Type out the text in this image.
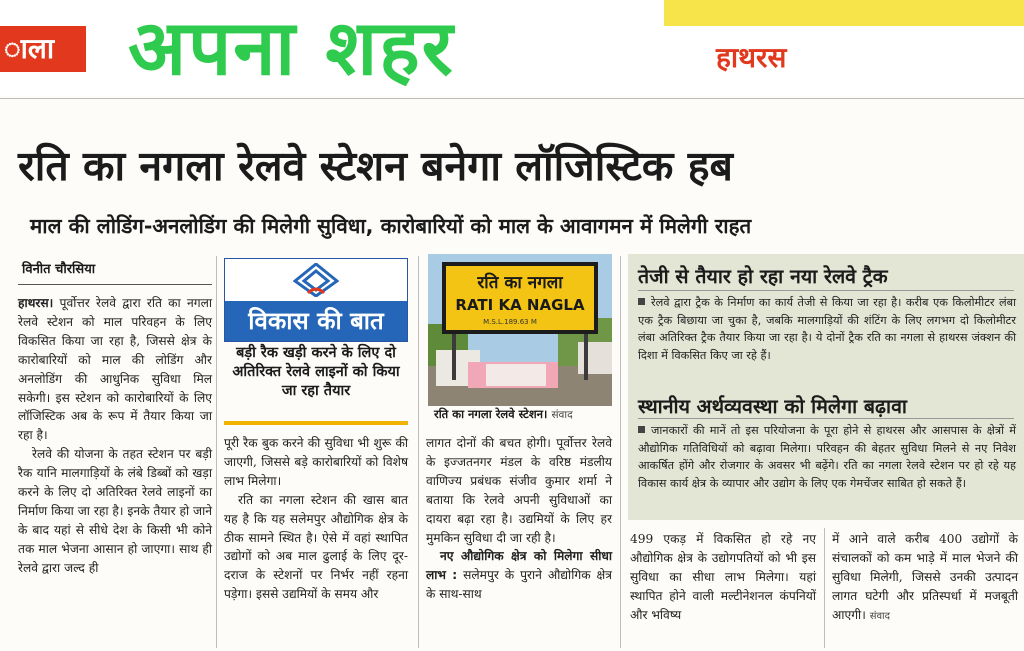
ाला अपना शहर	हाथरस
रति का नगला रेलवे स्टेशन बनेगा लॉजिस्टिक हब
माल की लोडिंग-अनलोडिंग की मिलेगी सुविधा, कारोबारियों को माल के आवागमन में मिलेगी राहत
विनीत चौरसिया

हाथरस। पूर्वोत्तर रेलवे द्वारा रति का नगला रेलवे स्टेशन को माल परिवहन के लिए विकसित किया जा रहा है, जिससे क्षेत्र के कारोबारियों को माल की लोडिंग और अनलोडिंग की आधुनिक सुविधा मिल सकेगी। इस स्टेशन को कारोबारियों के लिए लॉजिस्टिक अब के रूप में तैयार किया जा रहा है।

रेलवे की योजना के तहत स्टेशन पर बड़ी रैक यानि मालगाड़ियों के लंबे डिब्बों को खड़ा करने के लिए दो अतिरिक्त रेलवे लाइनों का निर्माण किया जा रहा है। इनके तैयार हो जाने के बाद यहां से सीधे देश के किसी भी कोने तक माल भेजना आसान हो जाएगा। साथ ही रेलवे द्वारा जल्द ही

विकास की बात
बड़ी रैक खड़ी करने के लिए दो अतिरिक्त रेलवे लाइनों को किया जा रहा तैयार

पूरी रैक बुक करने की सुविधा भी शुरू की जाएगी, जिससे बड़े कारोबारियों को विशेष लाभ मिलेगा।

रति का नगला स्टेशन की खास बात यह है कि यह सलेमपुर औद्योगिक क्षेत्र के ठीक सामने स्थित है। ऐसे में वहां स्थापित उद्योगों को अब माल ढुलाई के लिए दूर-दराज के स्टेशनों पर निर्भर नहीं रहना पड़ेगा। इससे उद्यमियों के समय और

रति का नगला
RATI KA NAGLA
M.S.L.189.63 M
रति का नगला रेलवे स्टेशन। संवाद

लागत दोनों की बचत होगी। पूर्वोत्तर रेलवे के इज्जतनगर मंडल के वरिष्ठ मंडलीय वाणिज्य प्रबंधक संजीव कुमार शर्मा ने बताया कि रेलवे अपनी सुविधाओं का दायरा बढ़ा रहा है। उद्यमियों के लिए हर मुमकिन सुविधा दी जा रही है।

नए औद्योगिक क्षेत्र को मिलेगा सीधा लाभ : सलेमपुर के पुराने औद्योगिक क्षेत्र के साथ-साथ

तेजी से तैयार हो रहा नया रेलवे ट्रैक
रेलवे द्वारा ट्रैक के निर्माण का कार्य तेजी से किया जा रहा है। करीब एक किलोमीटर लंबा एक ट्रैक बिछाया जा चुका है, जबकि मालगाड़ियों की शंटिंग के लिए लगभग दो किलोमीटर लंबा अतिरिक्त ट्रैक तैयार किया जा रहा है। ये दोनों ट्रैक रति का नगला से हाथरस जंक्शन की दिशा में विकसित किए जा रहे हैं।
स्थानीय अर्थव्यवस्था को मिलेगा बढ़ावा
जानकारों की मानें तो इस परियोजना के पूरा होने से हाथरस और आसपास के क्षेत्रों में औद्योगिक गतिविधियों को बढ़ावा मिलेगा। परिवहन की बेहतर सुविधा मिलने से नए निवेश आकर्षित होंगे और रोजगार के अवसर भी बढ़ेंगे। रति का नगला रेलवे स्टेशन पर हो रहे यह विकास कार्य क्षेत्र के व्यापार और उद्योग के लिए एक गेमचेंजर साबित हो सकते हैं।

499 एकड़ में विकसित हो रहे नए औद्योगिक क्षेत्र के उद्योगपतियों को भी इस सुविधा का सीधा लाभ मिलेगा। यहां स्थापित होने वाली मल्टीनेशनल कंपनियों और भविष्य

में आने वाले करीब 400 उद्योगों के संचालकों को कम भाड़े में माल भेजने की सुविधा मिलेगी, जिससे उनकी उत्पादन लागत घटेगी और प्रतिस्पर्धा में मजबूती आएगी। संवाद
